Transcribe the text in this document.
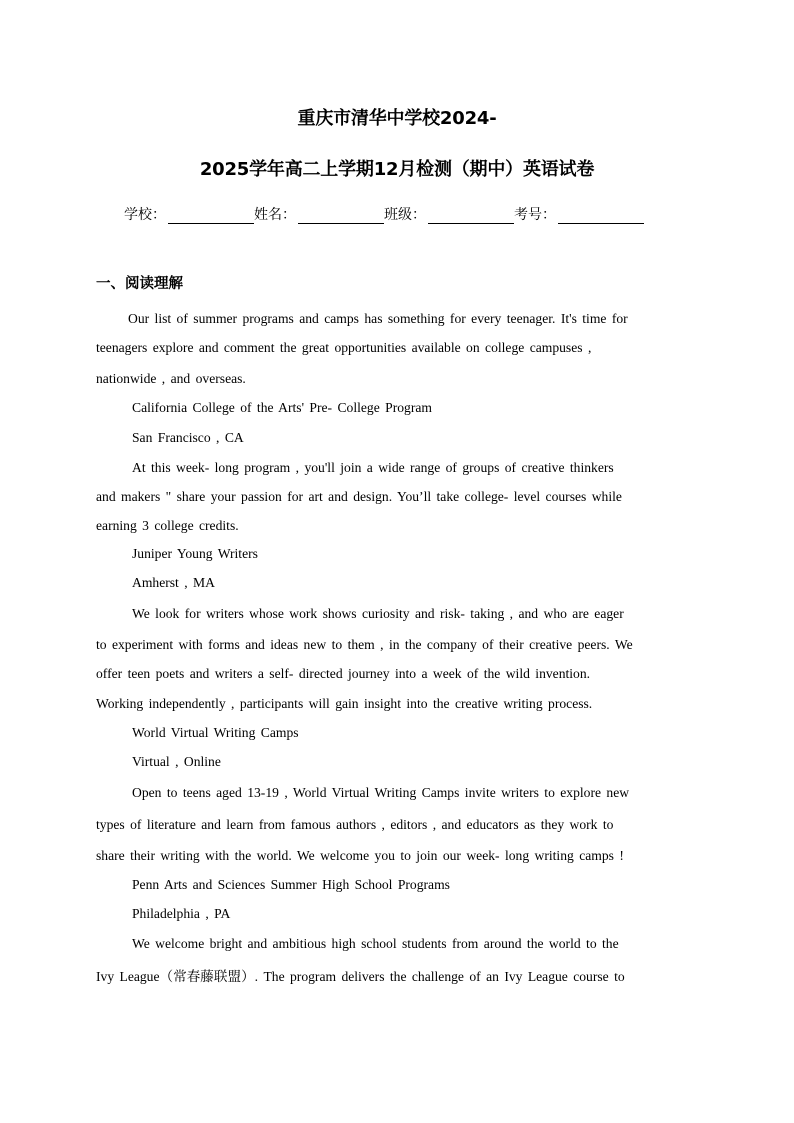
重庆市清华中学校2024-
2025学年高二上学期12月检测（期中）英语试卷
学校：	姓名：	班级：	考号：
一、阅读理解
Our list of summer programs and camps has something for every teenager. It's time for
teenagers explore and comment the great opportunities available on college campuses ,
nationwide , and overseas.
California College of the Arts' Pre- College Program
San Francisco , CA
At this week- long program , you'll join a wide range of groups of creative thinkers
and makers " share your passion for art and design. You’ll take college- level courses while
earning 3 college credits.
Juniper Young Writers
Amherst , MA
We look for writers whose work shows curiosity and risk- taking , and who are eager
to experiment with forms and ideas new to them , in the company of their creative peers. We
offer teen poets and writers a self- directed journey into a week of the wild invention.
Working independently , participants will gain insight into the creative writing process.
World Virtual Writing Camps
Virtual , Online
Open to teens aged 13-19 , World Virtual Writing Camps invite writers to explore new
types of literature and learn from famous authors , editors , and educators as they work to
share their writing with the world. We welcome you to join our week- long writing camps !
Penn Arts and Sciences Summer High School Programs
Philadelphia , PA
We welcome bright and ambitious high school students from around the world to the
Ivy League（常春藤联盟）. The program delivers the challenge of an Ivy League course to
